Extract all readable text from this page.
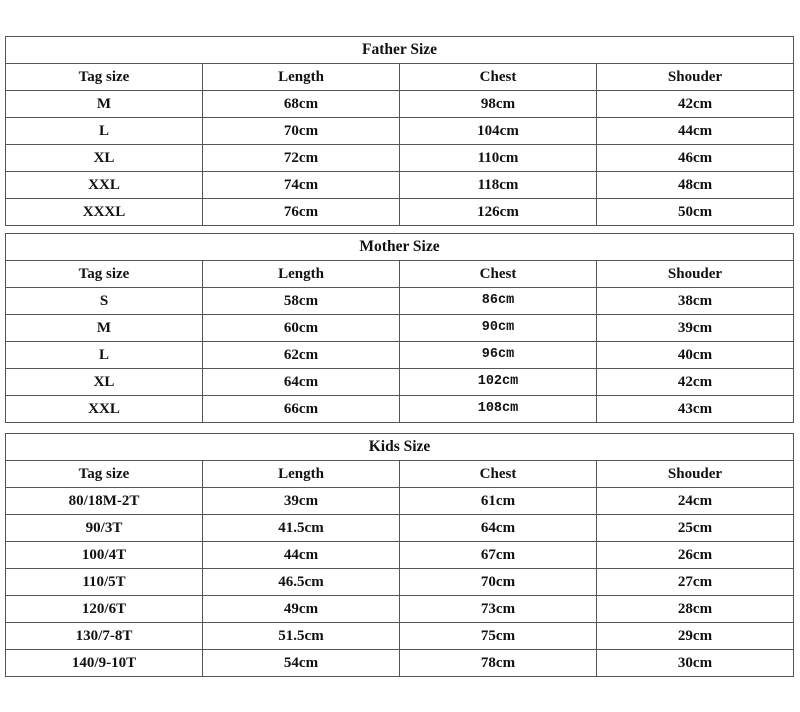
Father Size			
Tag size	Length	Chest	Shouder
M	68cm	98cm	42cm
L	70cm	104cm	44cm
XL	72cm	110cm	46cm
XXL	74cm	118cm	48cm
XXXL	76cm	126cm	50cm
Mother Size			
Tag size	Length	Chest	Shouder
S	58cm	86cm	38cm
M	60cm	90cm	39cm
L	62cm	96cm	40cm
XL	64cm	102cm	42cm
XXL	66cm	108cm	43cm
Kids Size			
Tag size	Length	Chest	Shouder
80/18M-2T	39cm	61cm	24cm
90/3T	41.5cm	64cm	25cm
100/4T	44cm	67cm	26cm
110/5T	46.5cm	70cm	27cm
120/6T	49cm	73cm	28cm
130/7-8T	51.5cm	75cm	29cm
140/9-10T	54cm	78cm	30cm
